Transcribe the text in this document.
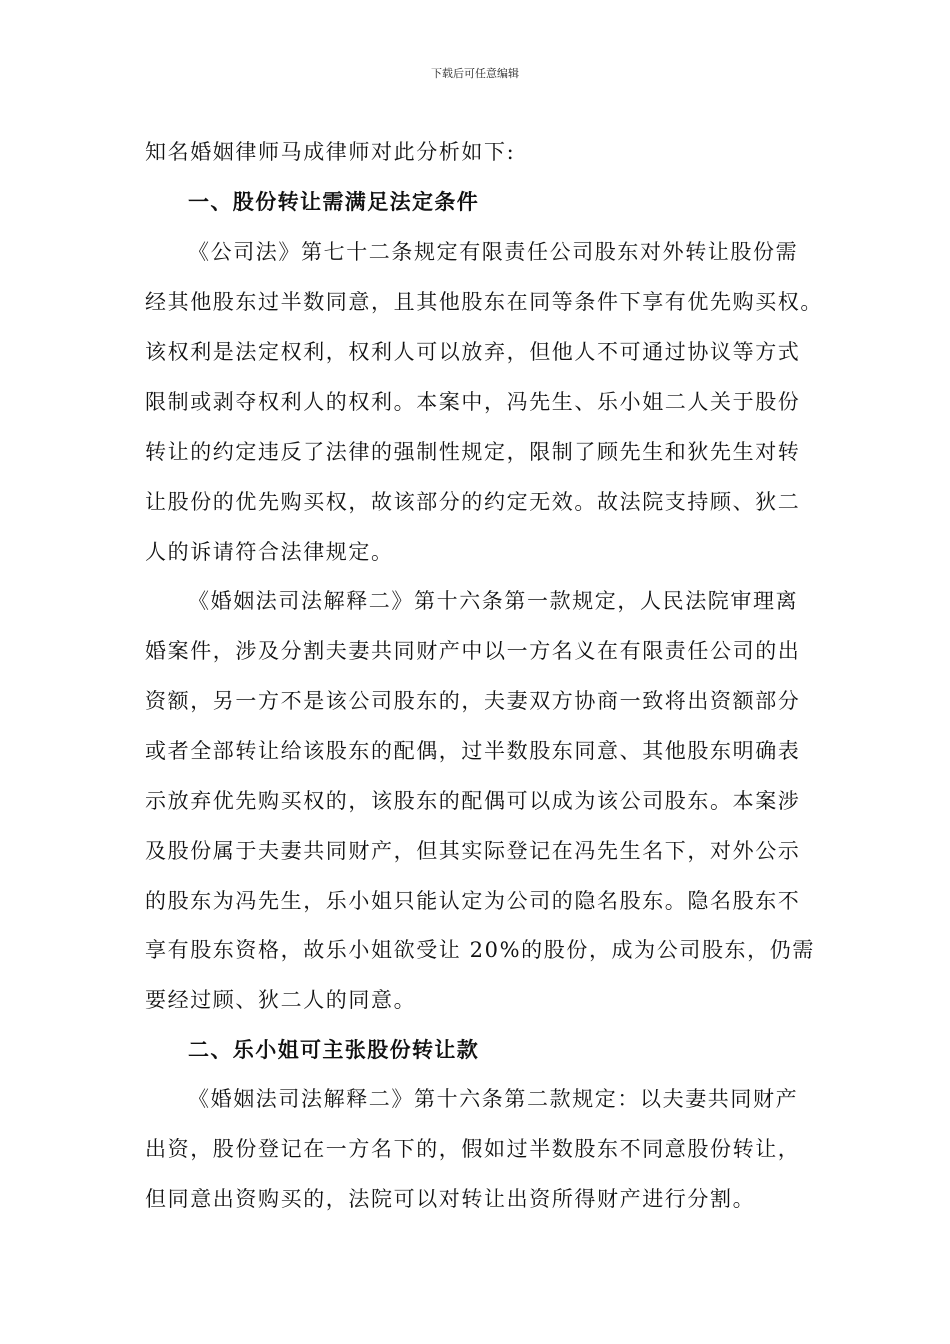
下载后可任意编辑
知名婚姻律师马成律师对此分析如下:
一、股份转让需满足法定条件
《公司法》第七十二条规定有限责任公司股东对外转让股份需
经其他股东过半数同意，且其他股东在同等条件下享有优先购买权。
该权利是法定权利，权利人可以放弃，但他人不可通过协议等方式
限制或剥夺权利人的权利。本案中，冯先生、乐小姐二人关于股份
转让的约定违反了法律的强制性规定，限制了顾先生和狄先生对转
让股份的优先购买权，故该部分的约定无效。故法院支持顾、狄二
人的诉请符合法律规定。
《婚姻法司法解释二》第十六条第一款规定，人民法院审理离
婚案件，涉及分割夫妻共同财产中以一方名义在有限责任公司的出
资额，另一方不是该公司股东的，夫妻双方协商一致将出资额部分
或者全部转让给该股东的配偶，过半数股东同意、其他股东明确表
示放弃优先购买权的，该股东的配偶可以成为该公司股东。本案涉
及股份属于夫妻共同财产，但其实际登记在冯先生名下，对外公示
的股东为冯先生，乐小姐只能认定为公司的隐名股东。隐名股东不
享有股东资格，故乐小姐欲受让 20%的股份，成为公司股东，仍需
要经过顾、狄二人的同意。
二、乐小姐可主张股份转让款
《婚姻法司法解释二》第十六条第二款规定：以夫妻共同财产
出资，股份登记在一方名下的，假如过半数股东不同意股份转让，
但同意出资购买的，法院可以对转让出资所得财产进行分割。
